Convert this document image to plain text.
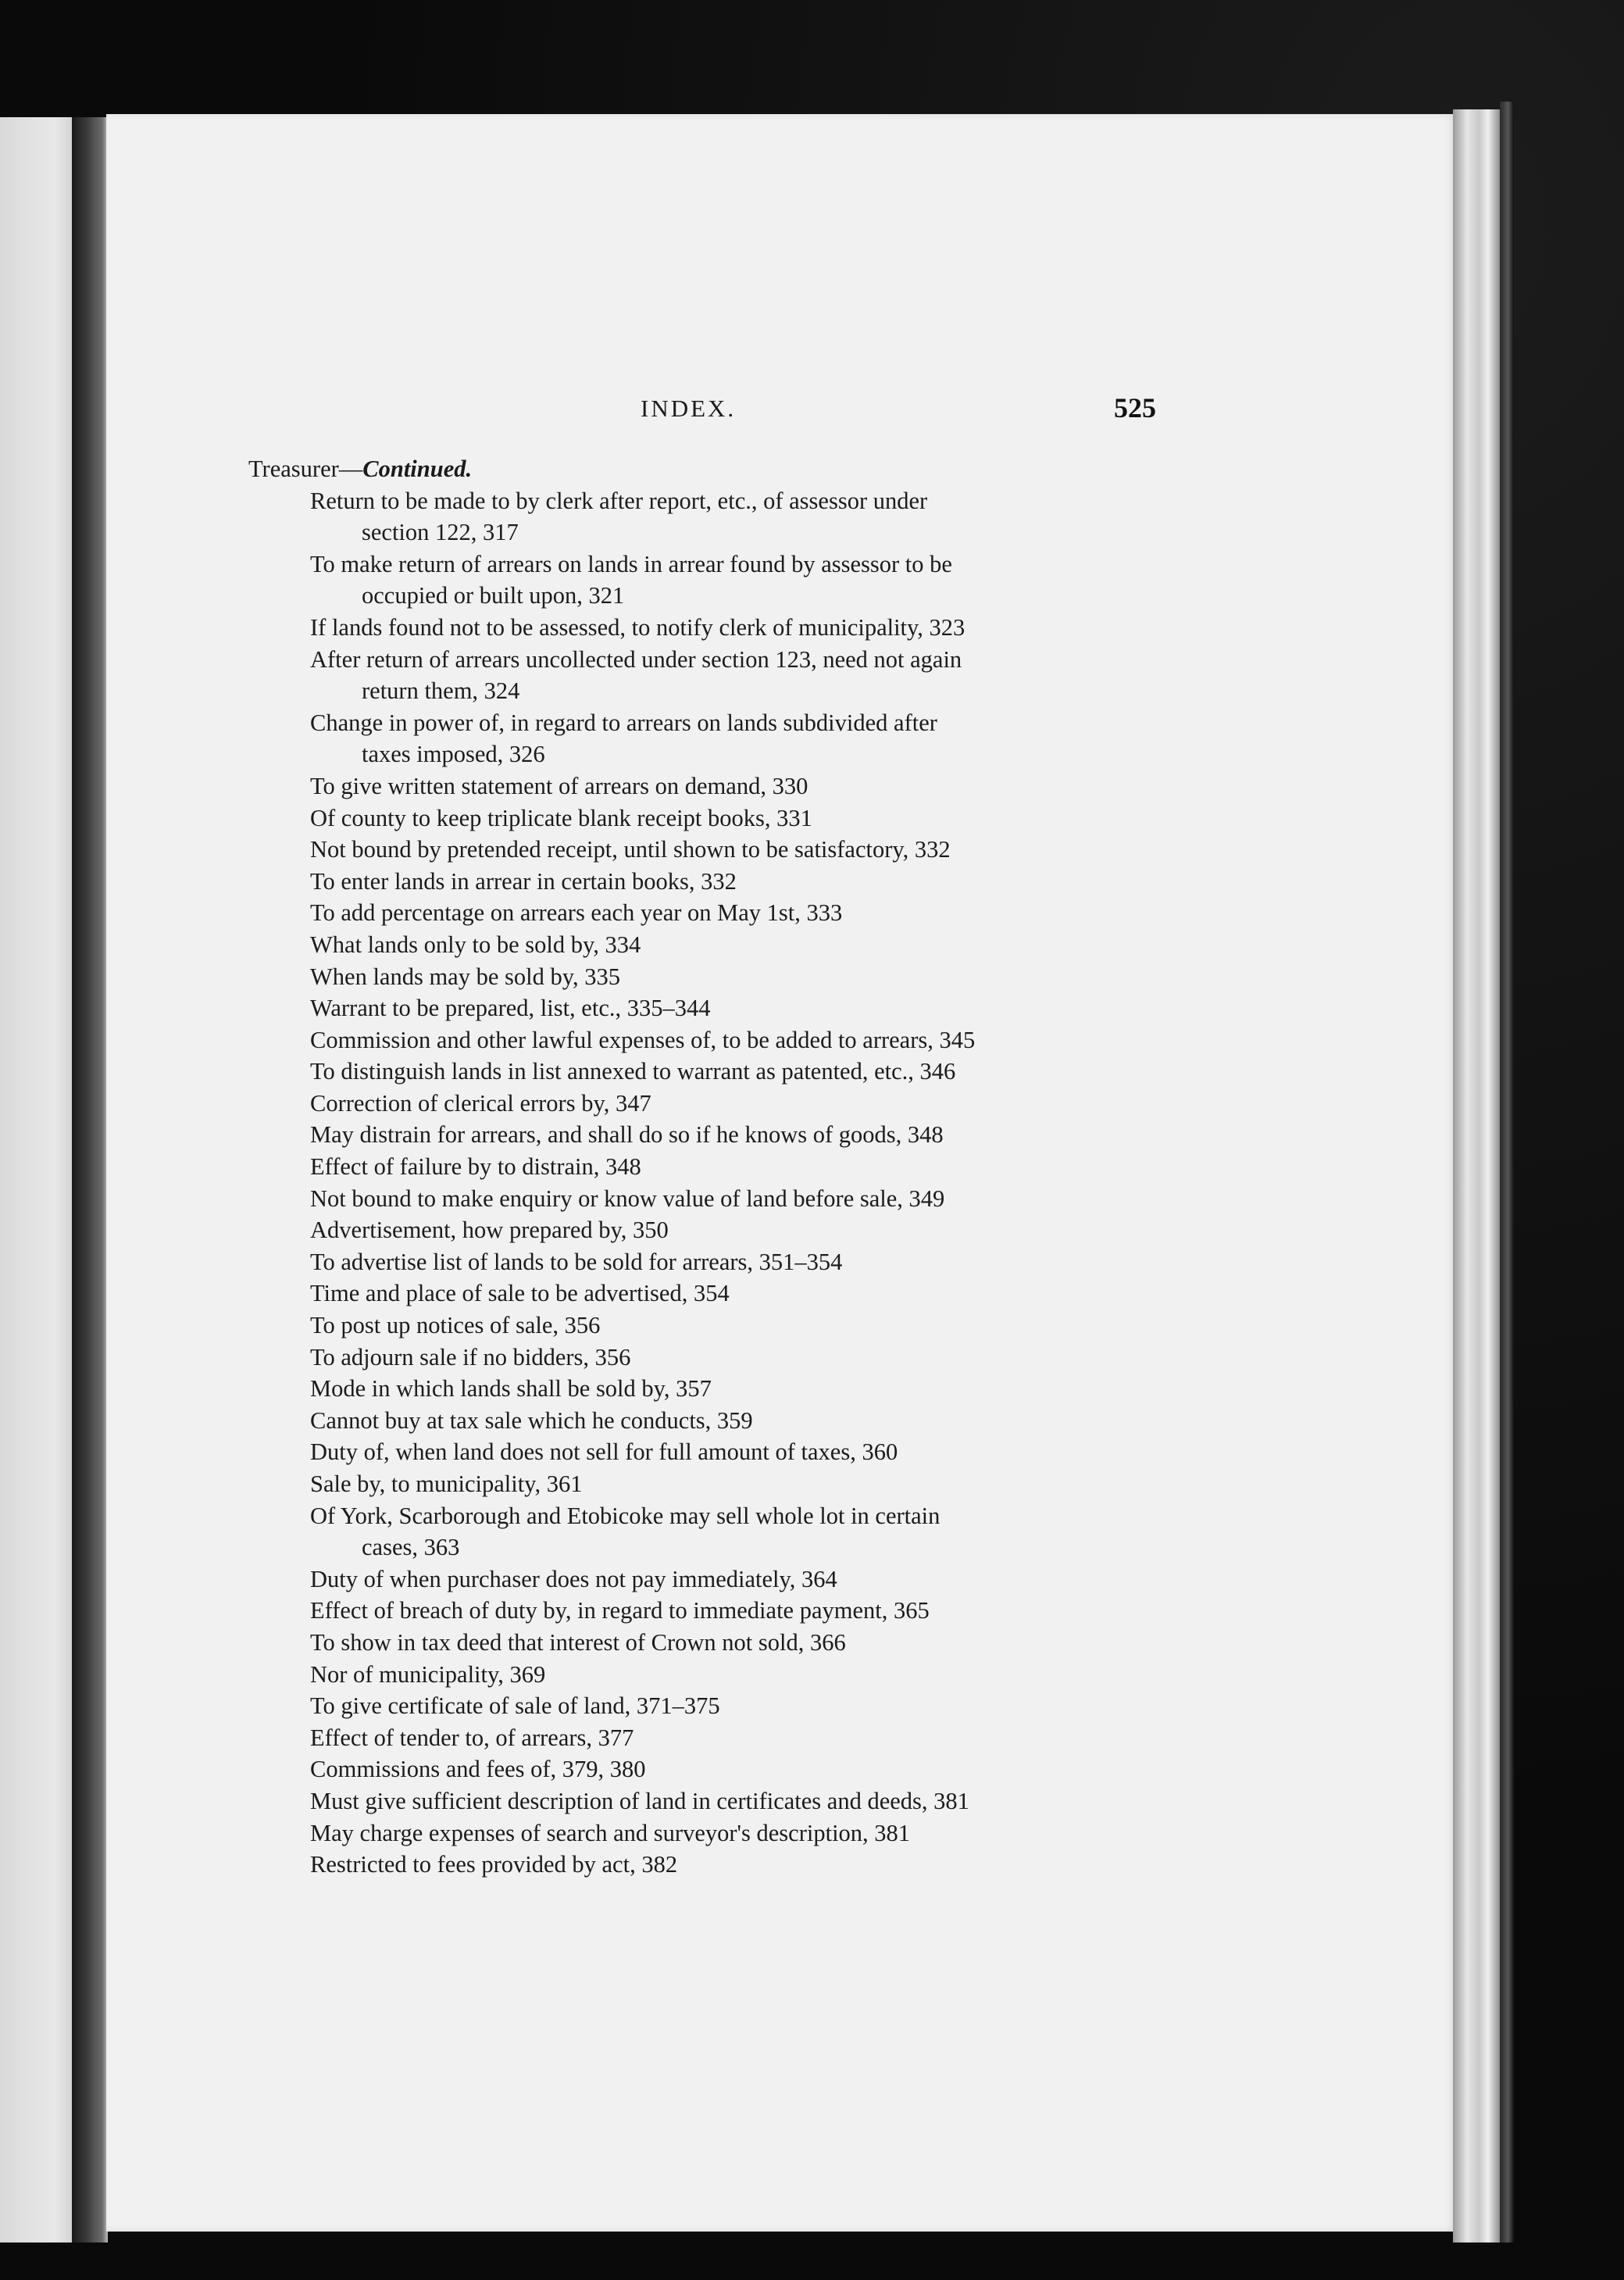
INDEX.	525

Treasurer—Continued.

Return to be made to by clerk after report, etc., of assessor under
section 122, 317

To make return of arrears on lands in arrear found by assessor to be
occupied or built upon, 321

If lands found not to be assessed, to notify clerk of municipality, 323

After return of arrears uncollected under section 123, need not again
return them, 324

Change in power of, in regard to arrears on lands subdivided after
taxes imposed, 326

To give written statement of arrears on demand, 330

Of county to keep triplicate blank receipt books, 331

Not bound by pretended receipt, until shown to be satisfactory, 332

To enter lands in arrear in certain books, 332

To add percentage on arrears each year on May 1st, 333

What lands only to be sold by, 334

When lands may be sold by, 335

Warrant to be prepared, list, etc., 335–344

Commission and other lawful expenses of, to be added to arrears, 345

To distinguish lands in list annexed to warrant as patented, etc., 346

Correction of clerical errors by, 347

May distrain for arrears, and shall do so if he knows of goods, 348

Effect of failure by to distrain, 348

Not bound to make enquiry or know value of land before sale, 349

Advertisement, how prepared by, 350

To advertise list of lands to be sold for arrears, 351–354

Time and place of sale to be advertised, 354

To post up notices of sale, 356

To adjourn sale if no bidders, 356

Mode in which lands shall be sold by, 357

Cannot buy at tax sale which he conducts, 359

Duty of, when land does not sell for full amount of taxes, 360

Sale by, to municipality, 361

Of York, Scarborough and Etobicoke may sell whole lot in certain
cases, 363

Duty of when purchaser does not pay immediately, 364

Effect of breach of duty by, in regard to immediate payment, 365

To show in tax deed that interest of Crown not sold, 366

Nor of municipality, 369

To give certificate of sale of land, 371–375

Effect of tender to, of arrears, 377

Commissions and fees of, 379, 380

Must give sufficient description of land in certificates and deeds, 381

May charge expenses of search and surveyor's description, 381

Restricted to fees provided by act, 382
